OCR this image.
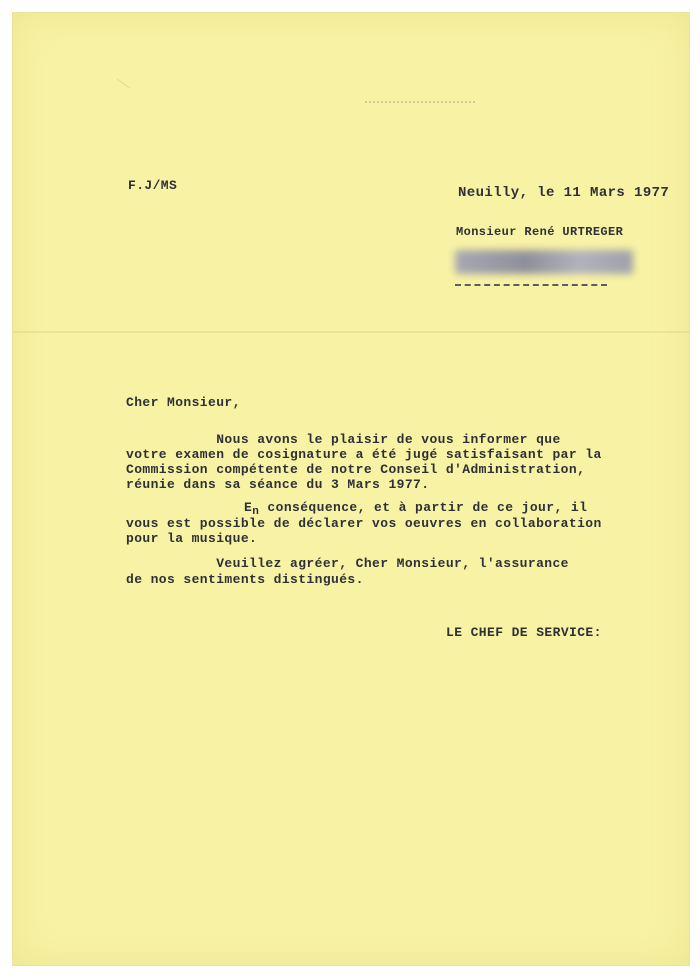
F.J/MS	Neuilly, le 11 Mars 1977
Monsieur René URTREGER
Cher Monsieur,
Nous avons le plaisir de vous informer que
votre examen de cosignature a été jugé satisfaisant par la
Commission compétente de notre Conseil d'Administration,
réunie dans sa séance du 3 Mars 1977.
$E_n$ conséquence, et à partir de ce jour, il
vous est possible de déclarer vos oeuvres en collaboration
pour la musique.
Veuillez agréer, Cher Monsieur, l'assurance
de nos sentiments distingués.
LE CHEF DE SERVICE:
